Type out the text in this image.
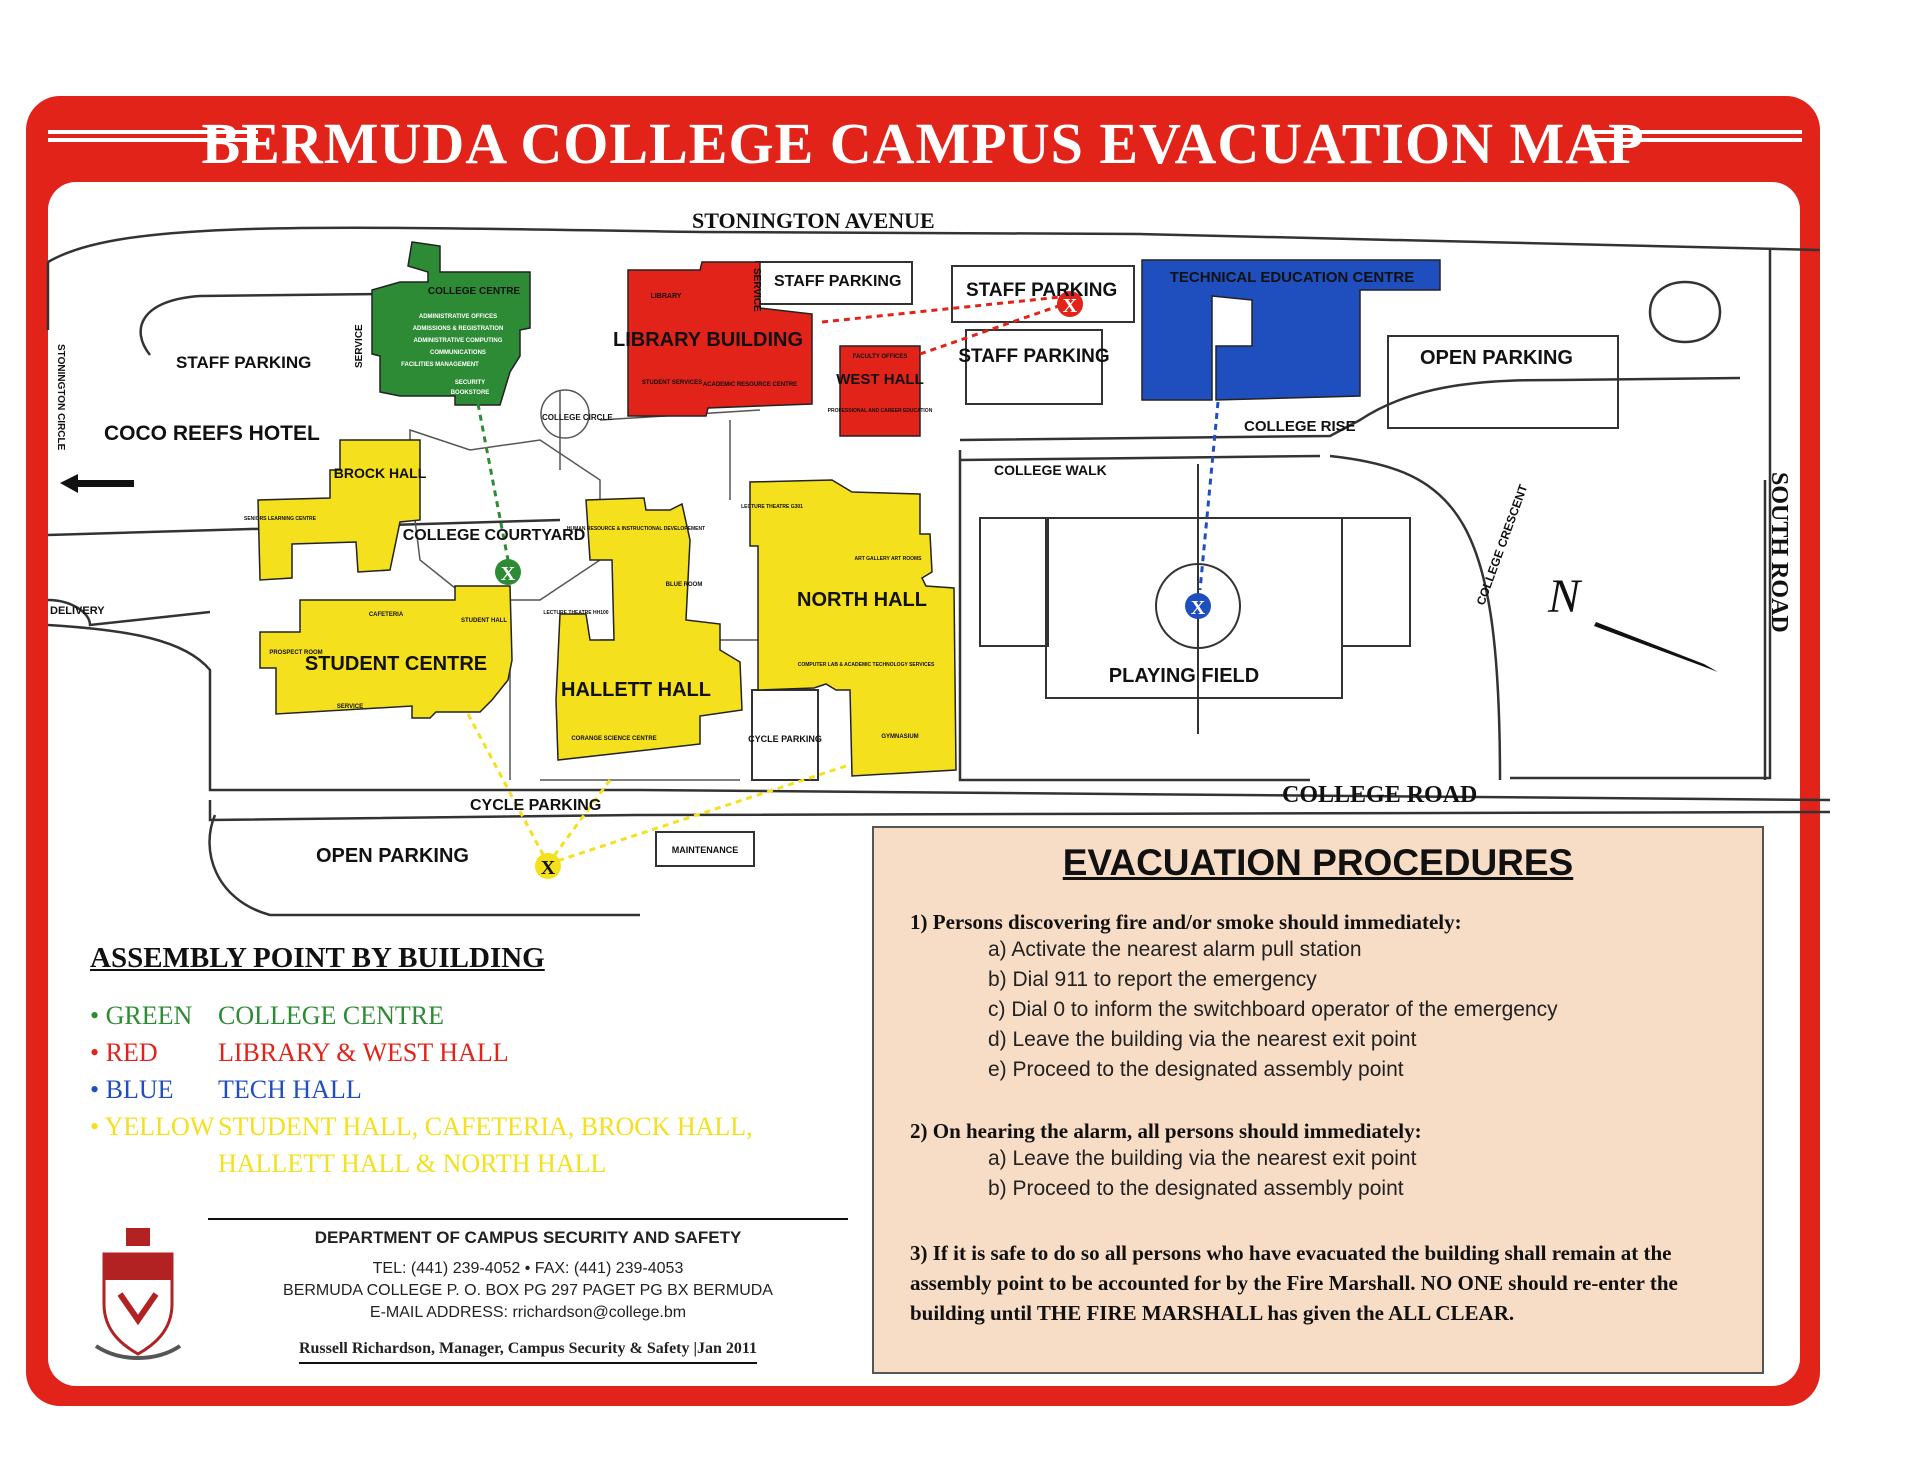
BERMUDA COLLEGE CAMPUS EVACUATION MAP
X
X
X
X
N
STONINGTON AVENUE
COLLEGE ROAD
COLLEGE RISE
COLLEGE WALK
DELIVERY
COLLEGE CIRCLE
STONINGTON CIRCLE
SOUTH ROAD
COLLEGE CRESCENT
SERVICE
SERVICE
STAFF PARKING
STAFF PARKING	STAFF PARKING
STAFF PARKING	OPEN PARKING
OPEN PARKING
CYCLE PARKING
CYCLE PARKING
MAINTENANCE
COLLEGE COURTYARD
PLAYING FIELD
COCO REEFS HOTEL
COLLEGE CENTRE
ADMINISTRATIVE OFFICES
ADMISSIONS & REGISTRATION
ADMINISTRATIVE COMPUTING
COMMUNICATIONS
FACILITIES MANAGEMENT
SECURITY
BOOKSTORE
LIBRARY
LIBRARY BUILDING
STUDENT SERVICES ACADEMIC RESOURCE CENTRE
FACULTY OFFICES
WEST HALL
PROFESSIONAL AND CAREER EDUCATION
TECHNICAL EDUCATION CENTRE
BROCK HALL
SENIORS LEARNING CENTRE
STUDENT CENTRE
CAFETERIA
STUDENT HALL
PROSPECT ROOM
SERVICE
HALLETT HALL
HUMAN RESOURCE & INSTRUCTIONAL DEVELOPEMENT
BLUE ROOM
LECTURE THEATRE HH100
CORANGE SCIENCE CENTRE
NORTH HALL
LECTURE THEATRE G301
ART GALLERY ART ROOMS
COMPUTER LAB & ACADEMIC TECHNOLOGY SERVICES
GYMNASIUM
ASSEMBLY POINT BY BUILDING
• GREEN COLLEGE CENTRE
• RED	LIBRARY & WEST HALL
• BLUE	TECH HALL
• YELLOW STUDENT HALL, CAFETERIA, BROCK HALL, HALLETT HALL & NORTH HALL
DEPARTMENT OF CAMPUS SECURITY AND SAFETY
TEL: (441) 239-4052 • FAX: (441) 239-4053
BERMUDA COLLEGE P. O. BOX PG 297 PAGET PG BX BERMUDA
E-MAIL ADDRESS: rrichardson@college.bm
Russell Richardson, Manager, Campus Security & Safety |Jan 2011
EVACUATION PROCEDURES
1) Persons discovering fire and/or smoke should immediately:
a) Activate the nearest alarm pull station
b) Dial 911 to report the emergency
c) Dial 0 to inform the switchboard operator of the emergency
d) Leave the building via the nearest exit point
e) Proceed to the designated assembly point
2) On hearing the alarm, all persons should immediately:
a) Leave the building via the nearest exit point
b) Proceed to the designated assembly point
3) If it is safe to do so all persons who have evacuated the building shall remain at the assembly point to be accounted for by the Fire Marshall. NO ONE should re-enter the building until THE FIRE MARSHALL has given the ALL CLEAR.
